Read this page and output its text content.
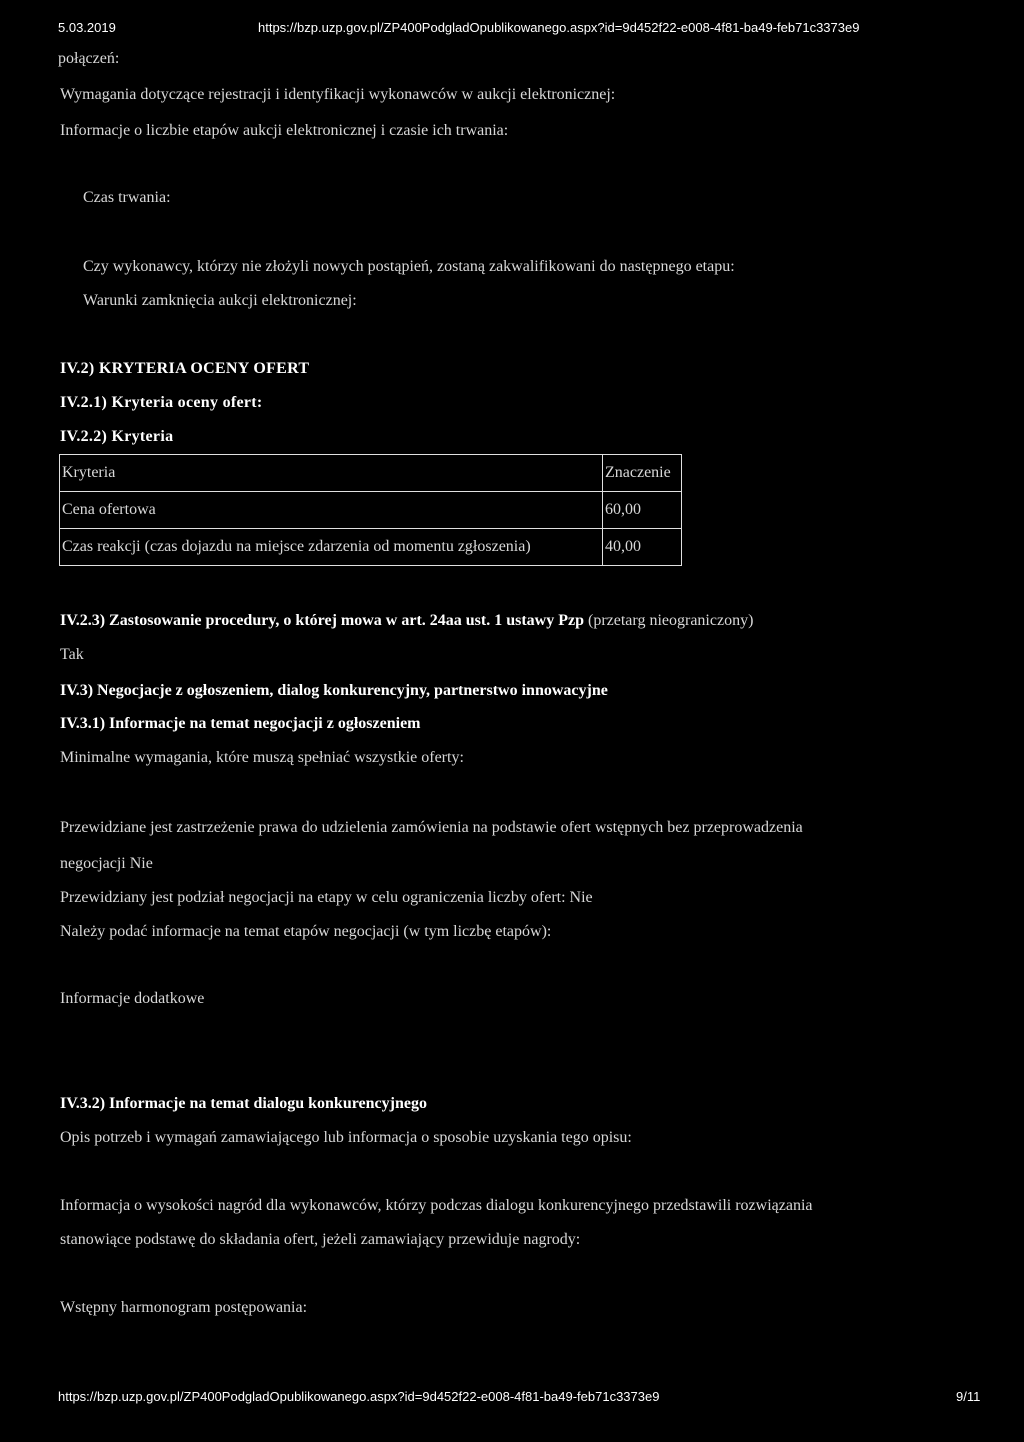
5.03.2019	https://bzp.uzp.gov.pl/ZP400PodgladOpublikowanego.aspx?id=9d452f22-e008-4f81-ba49-feb71c3373e9
połączeń:
Wymagania dotyczące rejestracji i identyfikacji wykonawców w aukcji elektronicznej:
Informacje o liczbie etapów aukcji elektronicznej i czasie ich trwania:
Czas trwania:
Czy wykonawcy, którzy nie złożyli nowych postąpień, zostaną zakwalifikowani do następnego etapu:
Warunki zamknięcia aukcji elektronicznej:
IV.2) KRYTERIA OCENY OFERT
IV.2.1) Kryteria oceny ofert:
IV.2.2) Kryteria
Kryteria	Znaczenie
Cena ofertowa	60,00
Czas reakcji (czas dojazdu na miejsce zdarzenia od momentu zgłoszenia)	40,00
IV.2.3) Zastosowanie procedury, o której mowa w art. 24aa ust. 1 ustawy Pzp (przetarg nieograniczony)
Tak
IV.3) Negocjacje z ogłoszeniem, dialog konkurencyjny, partnerstwo innowacyjne
IV.3.1) Informacje na temat negocjacji z ogłoszeniem
Minimalne wymagania, które muszą spełniać wszystkie oferty:
Przewidziane jest zastrzeżenie prawa do udzielenia zamówienia na podstawie ofert wstępnych bez przeprowadzenia
negocjacji Nie
Przewidziany jest podział negocjacji na etapy w celu ograniczenia liczby ofert: Nie
Należy podać informacje na temat etapów negocjacji (w tym liczbę etapów):
Informacje dodatkowe
IV.3.2) Informacje na temat dialogu konkurencyjnego
Opis potrzeb i wymagań zamawiającego lub informacja o sposobie uzyskania tego opisu:
Informacja o wysokości nagród dla wykonawców, którzy podczas dialogu konkurencyjnego przedstawili rozwiązania
stanowiące podstawę do składania ofert, jeżeli zamawiający przewiduje nagrody:
Wstępny harmonogram postępowania:
https://bzp.uzp.gov.pl/ZP400PodgladOpublikowanego.aspx?id=9d452f22-e008-4f81-ba49-feb71c3373e9	9/11
